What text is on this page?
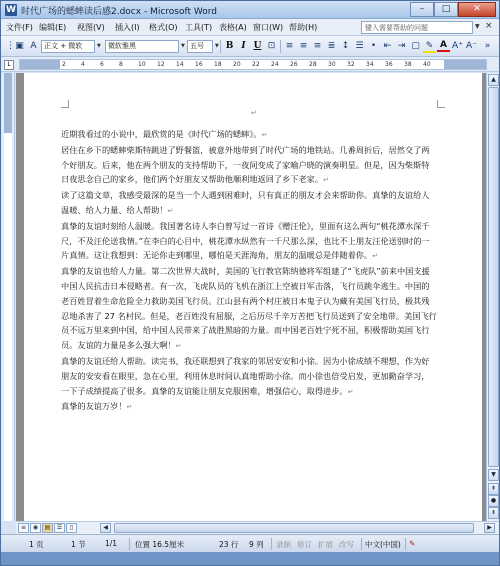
W 时代广场的蟋蟀读后感2.docx - Microsoft Word	–	□	✕
文件(F) 编辑(E) 视图(V) 插入(I) 格式(O) 工具(T) 表格(A) 窗口(W) 帮助(H)	键入需要帮助的问题	▼ ×
⋮ ▣ A	正文 + 微软	▼	微软雅黑	▼ 五号	▼ B I U ⊡	≡ ≡ ≡ ≣ ↕ ☰ • ⇤ ⇥ ▢ ✎ A A⁺ A⁻ »
2	4	6	8	10 12 14 16 18 20 22 24 26 28 30 32 34 36 38 40
L
↵

近期我看过的小说中，最欣赏的是《时代广场的蟋蟀》。↵

居住在乡下的蟋蟀柴斯特跳进了野餐篮，被意外地带到了时代广场的地铁站。几番周折后，居然交了两个好朋友。后来，他在两个朋友的支持帮助下，一夜间变成了家喻户晓的演奏明星。但是，因为柴斯特日夜思念自己的家乡，他们两个好朋友又帮助他顺利地返回了乡下老家。↵

读了这篇文章，我感受最深的是当一个人遇到困难时，只有真正的朋友才会来帮助你。真挚的友谊给人温暖、给人力量、给人帮助！↵

真挚的友谊时刻给人温暖。我国著名诗人李白曾写过一首诗《赠汪伦》，里面有这么两句“桃花潭水深千尺，不及汪伦送我情。”在李白的心目中，桃花潭水纵然有一千尺那么深，也比不上朋友汪伦送别时的一片真情。这让我想到：无论你走到哪里，哪怕是天涯海角，朋友的温暖总是伴随着你。↵

真挚的友谊也给人力量。第二次世界大战时，美国的飞行教官陈纳德将军组建了“飞虎队”前来中国支援中国人民抗击日本侵略者。有一次，飞虎队员的飞机在浙江上空被日军击落，飞行员跳伞逃生。中国的老百姓冒着生命危险全力救助美国飞行员。江山县有两个村庄被日本鬼子认为藏有美国飞行员，极其残忍地杀害了 27 名村民。但是，老百姓没有屈服，之后历尽千辛万苦把飞行员送到了安全地带。美国飞行员不远万里来到中国，给中国人民带来了战胜黑暗的力量。而中国老百姓宁死不屈，积极帮助美国飞行员。友谊的力量是多么强大啊！↵

真挚的友谊还给人帮助。读完书，我还联想到了我家的邻居安安和小徐。因为小徐成绩不理想，作为好朋友的安安看在眼里，急在心里，利用休息时间认真地帮助小徐。而小徐也倍受启发，更加勤奋学习，一下子成绩提高了很多。真挚的友谊能让朋友克服困难，增强信心，取得进步。↵

真挚的友谊万岁！↵

▲
▼
⇞
●
⇟
≡	◉	▤	☰	▯	◀	▶
1 页	1 节	1/1 位置 16.5厘米	23 行 9 列 录制 修订 扩展 改写 中文(中国) ✎
